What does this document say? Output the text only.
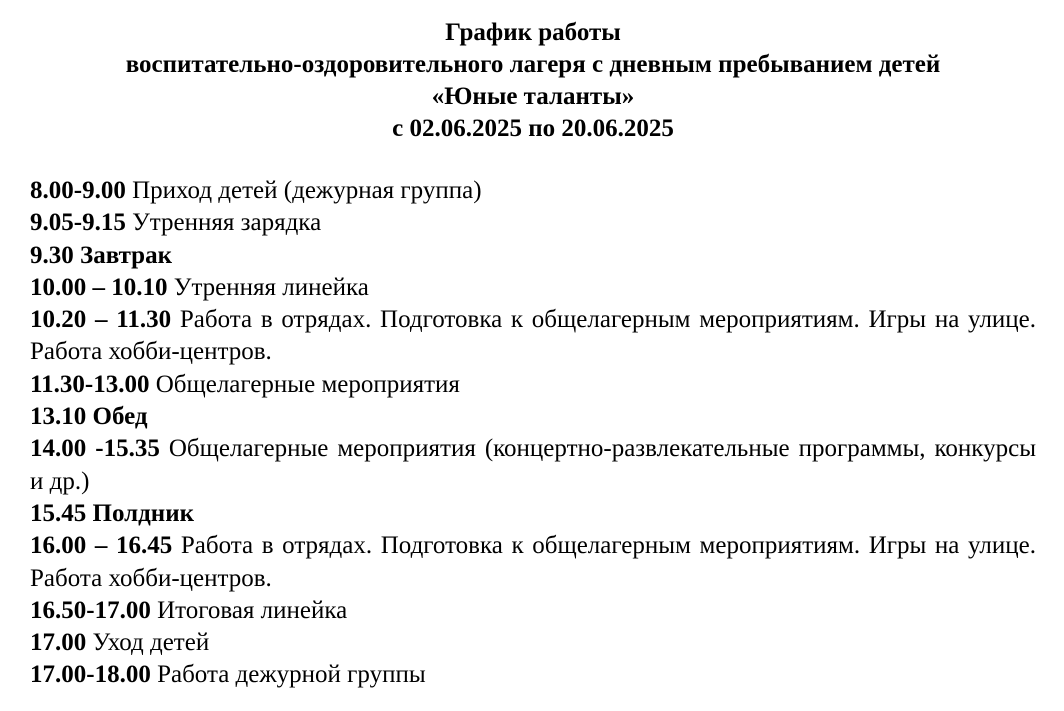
График работы
воспитательно-оздоровительного лагеря с дневным пребыванием детей
«Юные таланты»
с 02.06.2025 по 20.06.2025

8.00-9.00 Приход детей (дежурная группа)

9.05-9.15 Утренняя зарядка

9.30 Завтрак

10.00 – 10.10 Утренняя линейка

10.20 – 11.30 Работа в отрядах. Подготовка к общелагерным мероприятиям. Игры на улице. Работа хобби-центров.

11.30-13.00 Общелагерные мероприятия

13.10 Обед

14.00 -15.35 Общелагерные мероприятия (концертно-развлекательные программы, конкурсы и др.)

15.45 Полдник

16.00 – 16.45 Работа в отрядах. Подготовка к общелагерным мероприятиям. Игры на улице. Работа хобби-центров.

16.50-17.00 Итоговая линейка

17.00 Уход детей

17.00-18.00 Работа дежурной группы
